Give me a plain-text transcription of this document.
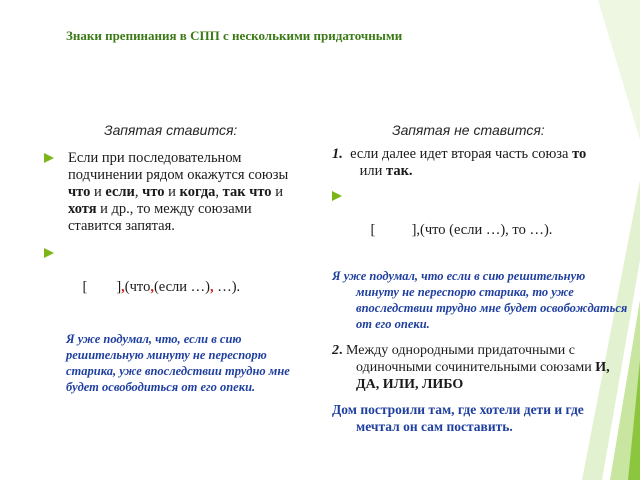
Знаки препинания в СПП с несколькими придаточными
Запятая ставится:	Запятая не ставится:
Если при последовательном подчинении рядом окажутся союзы что и если, что и когда, так что и хотя и др., то между союзами ставится запятая.

[        ],(что,(если …), …).

Я уже подумал, что, если в сию решительную минуту не переспорю старика, уже впоследствии трудно мне будет освободиться от его опеки.
1.  если далее идет вторая часть союза то или так.

[          ],(что (если …), то …).

Я уже подумал, что если в сию решительную минуту не переспорю старика, то уже впоследствии трудно мне будет освобождаться от его опеки.
2. Между однородными придаточными с одиночными сочинительными союзами И, ДА, ИЛИ, ЛИБО
Дом построили там, где хотели дети и где мечтал он сам поставить.
